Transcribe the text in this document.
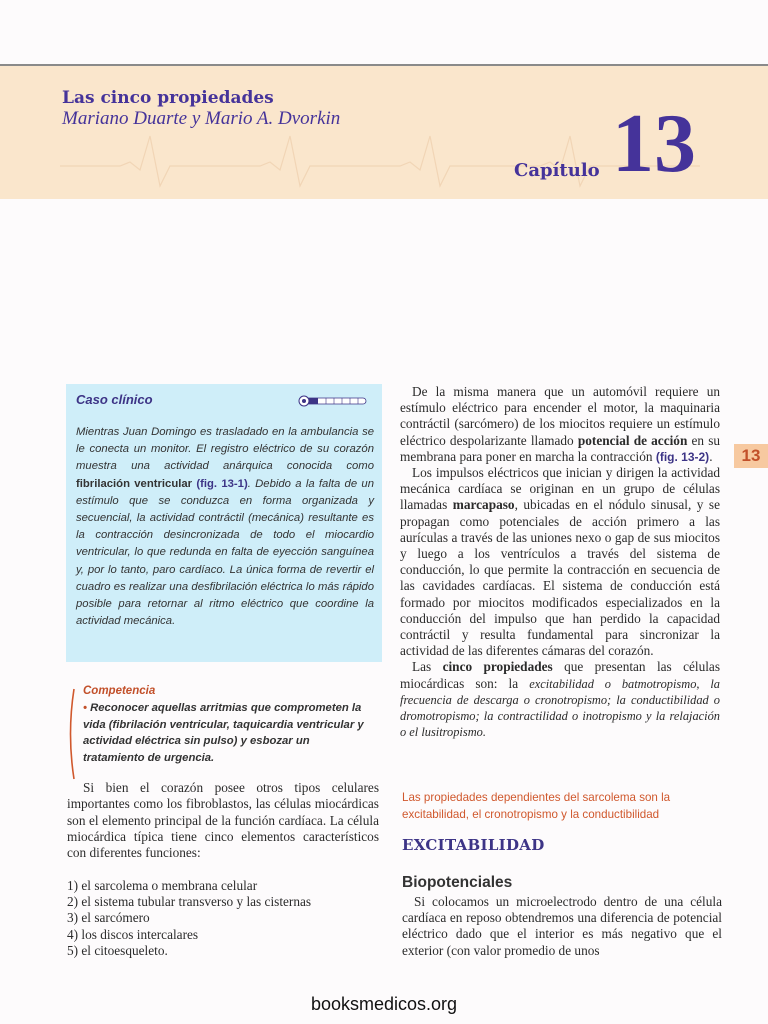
Las cinco propiedades
Mariano Duarte y Mario A. Dvorkin
Capítulo 13
13
Caso clínico
Mientras Juan Domingo es trasladado en la ambulancia se le conecta un monitor. El registro eléctrico de su corazón muestra una actividad anárquica conocida como fibrilación ventricular (fig. 13-1). Debido a la falta de un estímulo que se conduzca en forma organizada y secuencial, la actividad contráctil (mecánica) resultante es la contracción desincronizada de todo el miocardio ventricular, lo que redunda en falta de eyección sanguínea y, por lo tanto, paro cardíaco. La única forma de revertir el cuadro es realizar una desfibrilación eléctrica lo más rápido posible para retornar al ritmo eléctrico que coordine la actividad mecánica.
Competencia
• Reconocer aquellas arritmias que comprometen la vida (fibrilación ventricular, taquicardia ventricular y actividad eléctrica sin pulso) y esbozar un tratamiento de urgencia.

Si bien el corazón posee otros tipos celulares importantes como los fibroblastos, las células miocárdicas son el elemento principal de la función cardíaca. La célula miocárdica típica tiene cinco elementos característicos con diferentes funciones:

1) el sarcolema o membrana celular
2) el sistema tubular transverso y las cisternas
3) el sarcómero
4) los discos intercalares
5) el citoesqueleto.

De la misma manera que un automóvil requiere un estímulo eléctrico para encender el motor, la maquinaria contráctil (sarcómero) de los miocitos requiere un estímulo eléctrico despolarizante llamado potencial de acción en su membrana para poner en marcha la contracción (fig. 13-2).

Los impulsos eléctricos que inician y dirigen la actividad mecánica cardíaca se originan en un grupo de células llamadas marcapaso, ubicadas en el nódulo sinusal, y se propagan como potenciales de acción primero a las aurículas a través de las uniones nexo o gap de sus miocitos y luego a los ventrículos a través del sistema de conducción, lo que permite la contracción en secuencia de las cavidades cardíacas. El sistema de conducción está formado por miocitos modificados especializados en la conducción del impulso que han perdido la capacidad contráctil y resulta fundamental para sincronizar la actividad de las diferentes cámaras del corazón.

Las cinco propiedades que presentan las células miocárdicas son: la excitabilidad o batmotropismo, la frecuencia de descarga o cronotropismo; la conductibilidad o dromotropismo; la contractilidad o inotropismo y la relajación o el lusitropismo.

Las propiedades dependientes del sarcolema son la excitabilidad, el cronotropismo y la conductibilidad
EXCITABILIDAD
Biopotenciales

Si colocamos un microelectrodo dentro de una célula cardíaca en reposo obtendremos una diferencia de potencial eléctrico dado que el interior es más negativo que el exterior (con valor promedio de unos

booksmedicos.org
